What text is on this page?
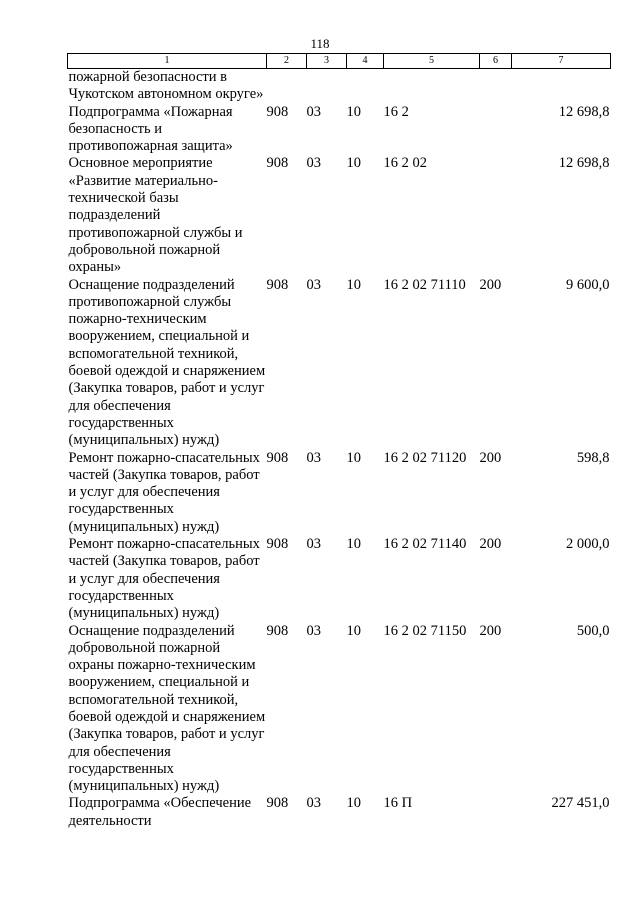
118
1	2	3	4	5	6	7
пожарной безопасности в Чукотском автономном округе»						
Подпрограмма «Пожарная безопасность и противопожарная защита»	908	03	10	16 2		12 698,8
Основное мероприятие «Развитие материально-технической базы подразделений противопожарной службы и добровольной пожарной охраны»	908	03	10	16 2 02		12 698,8
Оснащение подразделений противопожарной службы пожарно-техническим вооружением, специальной и вспомогательной техникой, боевой одеждой и снаряжением (Закупка товаров, работ и услуг для обеспечения государственных (муниципальных) нужд)	908	03	10	16 2 02 71110	200	9 600,0
Ремонт пожарно-спасательных частей (Закупка товаров, работ и услуг для обеспечения государственных (муниципальных) нужд)	908	03	10	16 2 02 71120	200	598,8
Ремонт пожарно-спасательных частей (Закупка товаров, работ и услуг для обеспечения государственных (муниципальных) нужд)	908	03	10	16 2 02 71140	200	2 000,0
Оснащение подразделений добровольной пожарной охраны пожарно-техническим вооружением, специальной и вспомогательной техникой, боевой одеждой и снаряжением (Закупка товаров, работ и услуг для обеспечения государственных (муниципальных) нужд)	908	03	10	16 2 02 71150	200	500,0
Подпрограмма «Обеспечение деятельности	908	03	10	16 П		227 451,0
